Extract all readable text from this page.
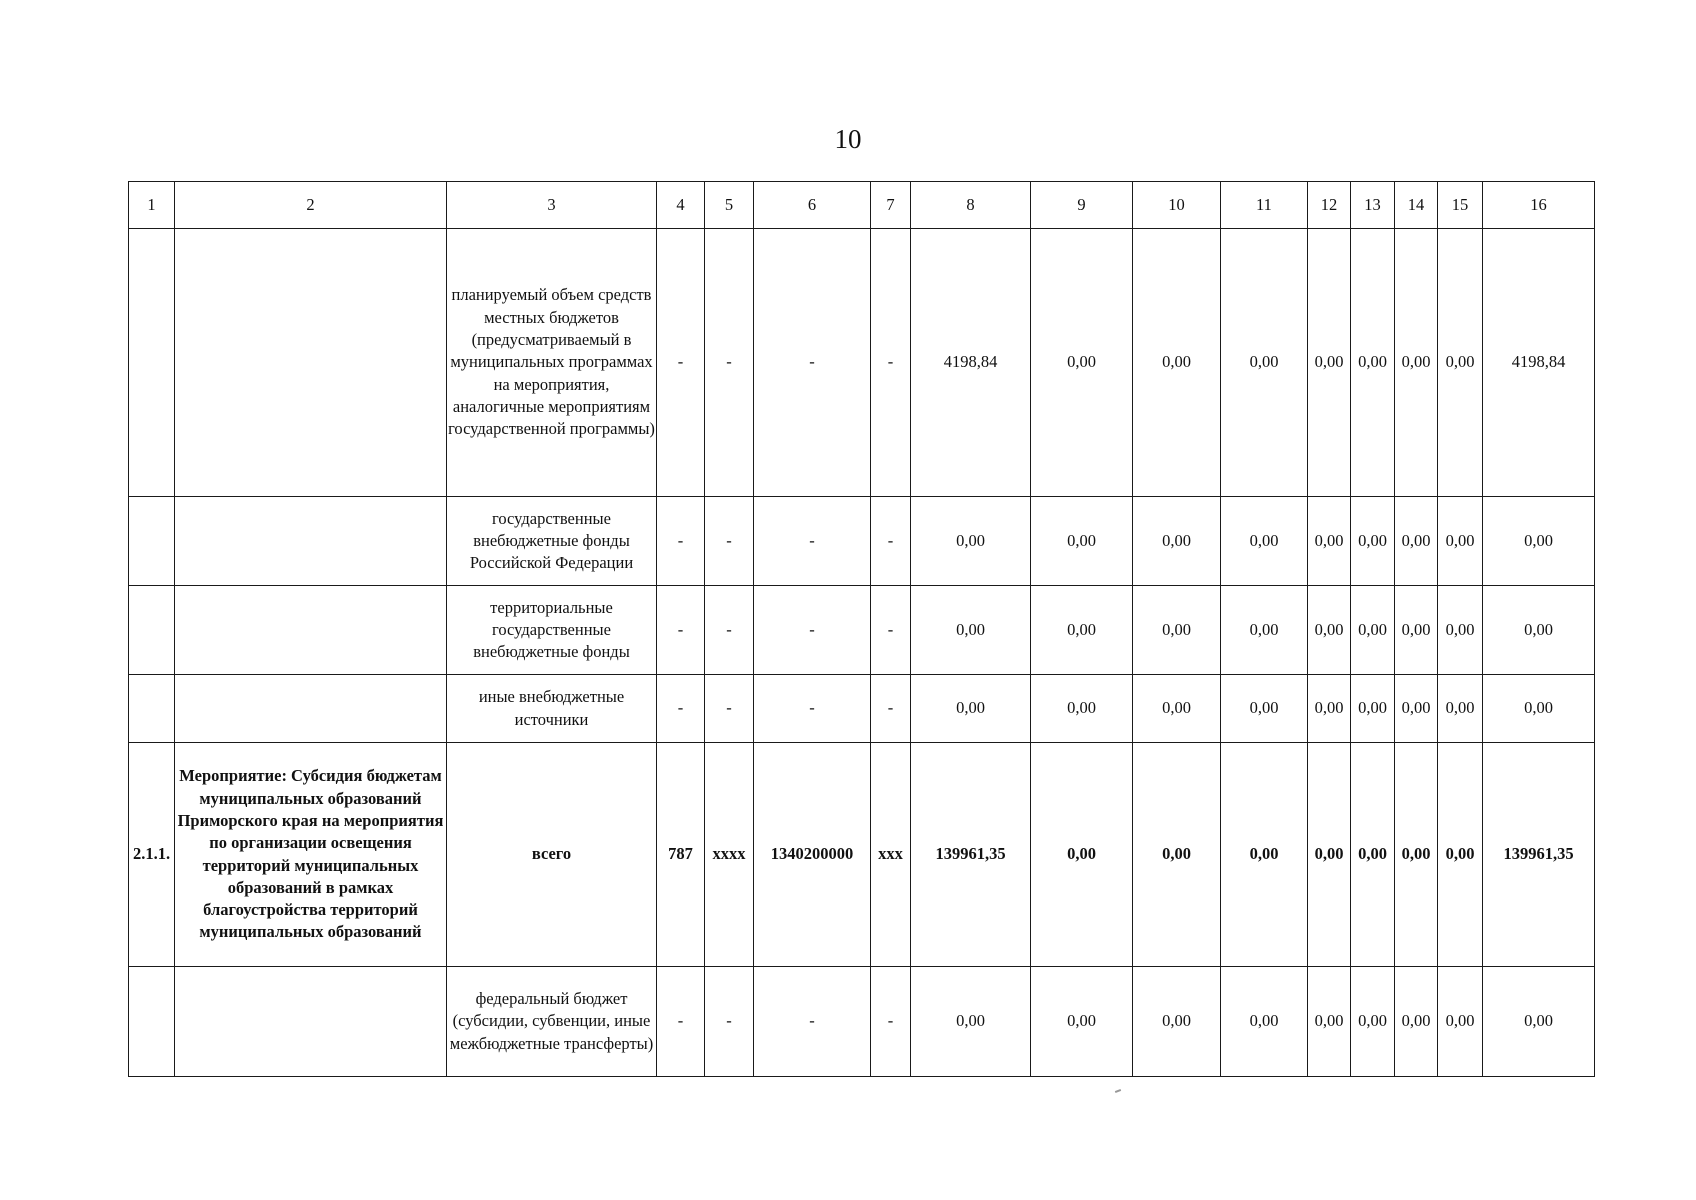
10
1	2	3	4	5	6	7	8	9	10	11	12	13	14	15	16
		планируемый объем средств местных бюджетов (предусматриваемый в муниципальных программах на мероприятия, аналогичные мероприятиям государственной программы)	-	-	-	-	4198,84	0,00	0,00	0,00	0,00	0,00	0,00	0,00	4198,84
		государственные внебюджетные фонды Российской Федерации	-	-	-	-	0,00	0,00	0,00	0,00	0,00	0,00	0,00	0,00	0,00
		территориальные государственные внебюджетные фонды	-	-	-	-	0,00	0,00	0,00	0,00	0,00	0,00	0,00	0,00	0,00
		иные внебюджетные источники	-	-	-	-	0,00	0,00	0,00	0,00	0,00	0,00	0,00	0,00	0,00
2.1.1.	Мероприятие: Субсидия бюджетам муниципальных образований Приморского края на мероприятия по организации освещения территорий муниципальных образований в рамках благоустройства территорий муниципальных образований	всего	787	хххх	1340200000	ххх	139961,35	0,00	0,00	0,00	0,00	0,00	0,00	0,00	139961,35
		федеральный бюджет (субсидии, субвенции, иные межбюджетные трансферты)	-	-	-	-	0,00	0,00	0,00	0,00	0,00	0,00	0,00	0,00	0,00
